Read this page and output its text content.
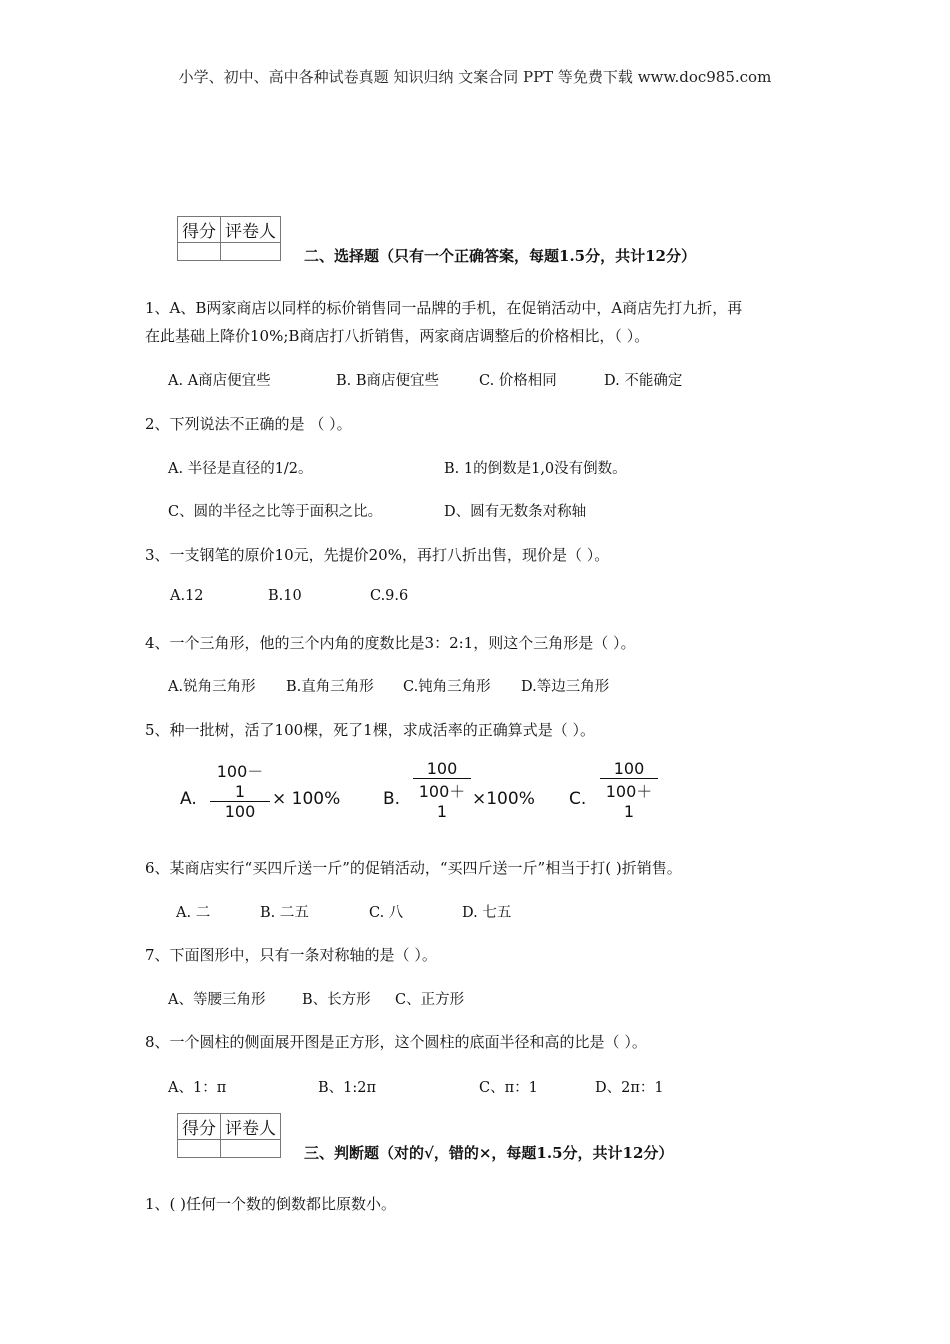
小学、初中、高中各种试卷真题 知识归纳 文案合同 PPT 等免费下载 www.doc985.com
得分	评卷人

二、选择题（只有一个正确答案，每题1.5分，共计12分）
1、A、B两家商店以同样的标价销售同一品牌的手机，在促销活动中，A商店先打九折，再
在此基础上降价10%;B商店打八折销售，两家商店调整后的价格相比，（ ）。
A. A商店便宜些	B. B商店便宜些	C. 价格相同	D. 不能确定
2、下列说法不正确的是 （ ）。
A. 半径是直径的1/2。	B. 1的倒数是1,0没有倒数。
C、圆的半径之比等于面积之比。	D、圆有无数条对称轴
3、一支钢笔的原价10元，先提价20%，再打八折出售，现价是（ ）。
A.12	B.10	C.9.6
4、一个三角形，他的三个内角的度数比是3：2:1，则这个三角形是（ ）。
A.锐角三角形 B.直角三角形 C.钝角三角形 D.等边三角形
5、种一批树，活了100棵，死了1棵，求成活率的正确算式是（ ）。
A.
100－1
100
× 100%	B.
100
100＋1
×100% C.
100
100＋1
6、某商店实行“买四斤送一斤”的促销活动，“买四斤送一斤”相当于打( )折销售。
A. 二	B. 二五	C. 八	D. 七五
7、下面图形中，只有一条对称轴的是（ ）。
A、等腰三角形	B、长方形 C、正方形
8、一个圆柱的侧面展开图是正方形，这个圆柱的底面半径和高的比是（ ）。
A、1：π	B、1:2π	C、π：1	D、2π：1
得分	评卷人

三、判断题（对的√，错的×，每题1.5分，共计12分）
1、( )任何一个数的倒数都比原数小。
